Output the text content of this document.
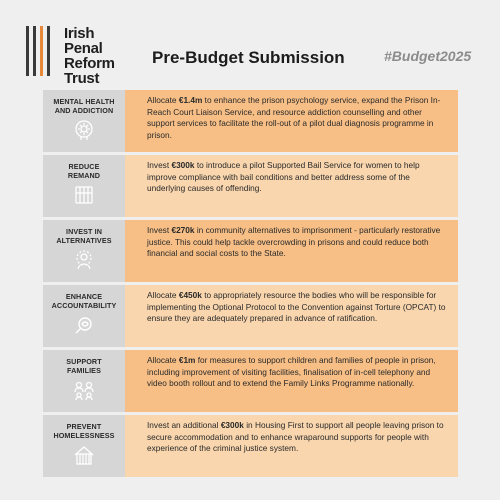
Irish
Penal
Reform
Trust
Pre-Budget Submission	#Budget2025
MENTAL HEALTH
AND ADDICTION
Allocate €1.4m to enhance the prison psychology service, expand the Prison In-Reach Court Liaison Service, and resource addiction counselling and other support services to facilitate the roll-out of a pilot dual diagnosis programme in prison.
REDUCE
REMAND
Invest €300k to introduce a pilot Supported Bail Service for women to help improve compliance with bail conditions and better address some of the underlying causes of offending.
INVEST IN
ALTERNATIVES
Invest €270k in community alternatives to imprisonment - particularly restorative justice. This could help tackle overcrowding in prisons and could reduce both financial and social costs to the State.
ENHANCE
ACCOUNTABILITY
Allocate €450k to appropriately resource the bodies who will be responsible for implementing the Optional Protocol to the Convention against Torture (OPCAT) to ensure they are adequately prepared in advance of ratification.
SUPPORT
FAMILIES
Allocate €1m for measures to support children and families of people in prison, including improvement of visiting facilities, finalisation of in-cell telephony and video booth rollout and to extend the Family Links Programme nationally.
PREVENT
HOMELESSNESS
Invest an additional €300k in Housing First to support all people leaving prison to secure accommodation and to enhance wraparound supports for people with experience of the criminal justice system.
